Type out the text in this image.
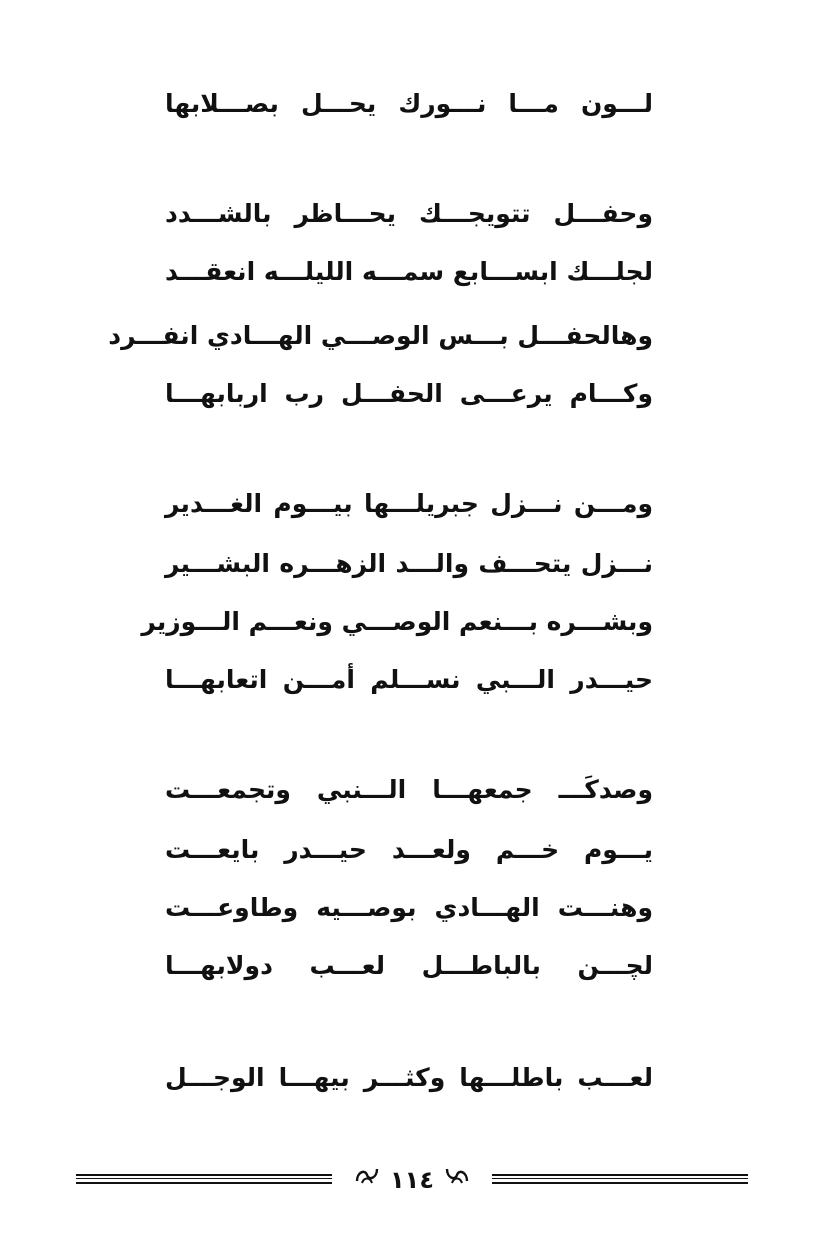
لـــون مـــا نـــورك يحـــل بصـــلابها
وحفـــل تتويجـــك يحـــاظر بالشـــدد
لجلـــك ابســـابع سمـــه الليلـــه انعقـــد
وهالحفـــل بـــس الوصـــي الهـــادي انفـــرد
وكـــام يرعـــى الحفـــل رب اربابهـــا
ومـــن نـــزل جبريلـــها بيـــوم الغـــدير
نـــزل يتحـــف والـــد الزهـــره البشـــير
وبشـــره بـــنعم الوصـــي ونعـــم الـــوزير
حيـــدر الـــبي نســـلم أمـــن اتعابهـــا
وصدكَـــ جمعهـــا الـــنبي وتجمعـــت
يـــوم خـــم ولعـــد حيـــدر بايعـــت
وهنـــت الهـــادي بوصـــيه وطاوعـــت
لچـــن بالباطـــل لعـــب دولابهـــا
لعـــب باطلـــها وكثـــر بيهـــا الوجـــل
١١٤
